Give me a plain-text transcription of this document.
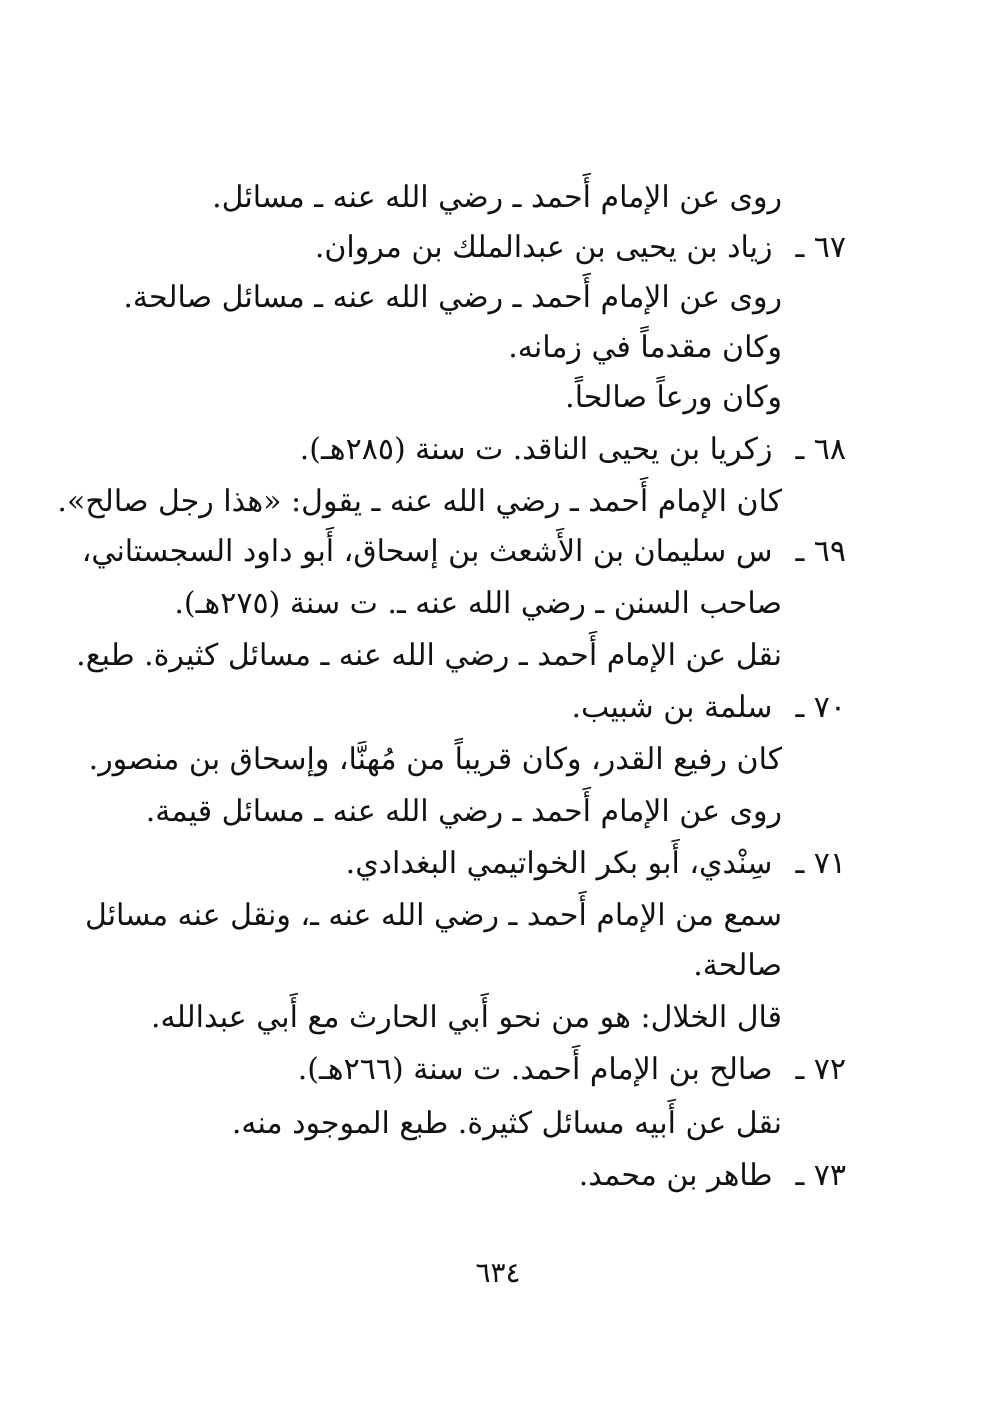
روى عن الإمام أَحمد ـ رضي الله عنه ـ مسائل.
٦٧ ـ زياد بن يحيى بن عبدالملك بن مروان.
روى عن الإمام أَحمد ـ رضي الله عنه ـ مسائل صالحة.
وكان مقدماً في زمانه.
وكان ورعاً صالحاً.
٦٨ ـ زكريا بن يحيى الناقد. ت سنة (٢٨٥هـ).
كان الإمام أَحمد ـ رضي الله عنه ـ يقول: «هذا رجل صالح».
٦٩ ـ س سليمان بن الأَشعث بن إسحاق، أَبو داود السجستاني،
صاحب السنن ـ رضي الله عنه ـ. ت سنة (٢٧٥هـ).
نقل عن الإمام أَحمد ـ رضي الله عنه ـ مسائل كثيرة. طبع.
٧٠ ـ سلمة بن شبيب.
كان رفيع القدر، وكان قريباً من مُهنَّا، وإسحاق بن منصور.
روى عن الإمام أَحمد ـ رضي الله عنه ـ مسائل قيمة.
٧١ ـ سِنْدي، أَبو بكر الخواتيمي البغدادي.
سمع من الإمام أَحمد ـ رضي الله عنه ـ، ونقل عنه مسائل
صالحة.
قال الخلال: هو من نحو أَبي الحارث مع أَبي عبدالله.
٧٢ ـ صالح بن الإمام أَحمد. ت سنة (٢٦٦هـ).
نقل عن أَبيه مسائل كثيرة. طبع الموجود منه.
٧٣ ـ طاهر بن محمد.
٦٣٤
